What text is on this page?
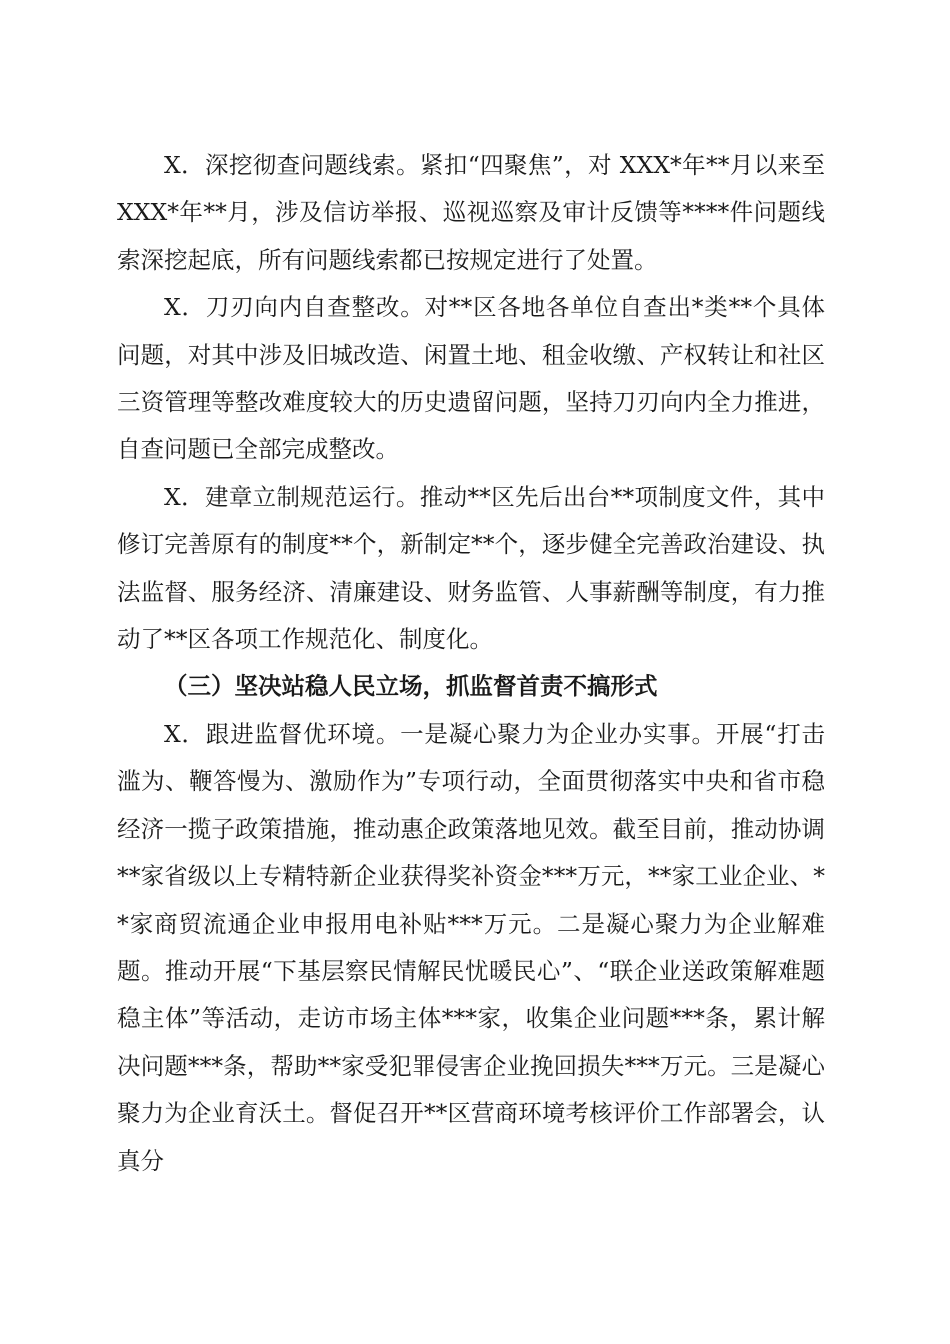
X．深挖彻查问题线索。紧扣“四聚焦”，对 XXX*年**月以来至 XXX*年**月，涉及信访举报、巡视巡察及审计反馈等****件问题线索深挖起底，所有问题线索都已按规定进行了处置。

X．刀刃向内自查整改。对**区各地各单位自查出*类**个具体问题，对其中涉及旧城改造、闲置土地、租金收缴、产权转让和社区三资管理等整改难度较大的历史遗留问题，坚持刀刃向内全力推进，自查问题已全部完成整改。

X．建章立制规范运行。推动**区先后出台**项制度文件，其中修订完善原有的制度**个，新制定**个，逐步健全完善政治建设、执法监督、服务经济、清廉建设、财务监管、人事薪酬等制度，有力推动了**区各项工作规范化、制度化。

（三）坚决站稳人民立场，抓监督首责不搞形式

X．跟进监督优环境。一是凝心聚力为企业办实事。开展“打击滥为、鞭答慢为、激励作为”专项行动，全面贯彻落实中央和省市稳经济一揽子政策措施，推动惠企政策落地见效。截至目前，推动协调**家省级以上专精特新企业获得奖补资金***万元，**家工业企业、**家商贸流通企业申报用电补贴***万元。二是凝心聚力为企业解难题。推动开展“下基层察民情解民忧暖民心”、“联企业送政策解难题稳主体”等活动，走访市场主体***家，收集企业问题***条，累计解决问题***条，帮助**家受犯罪侵害企业挽回损失***万元。三是凝心聚力为企业育沃土。督促召开**区营商环境考核评价工作部署会，认真分
